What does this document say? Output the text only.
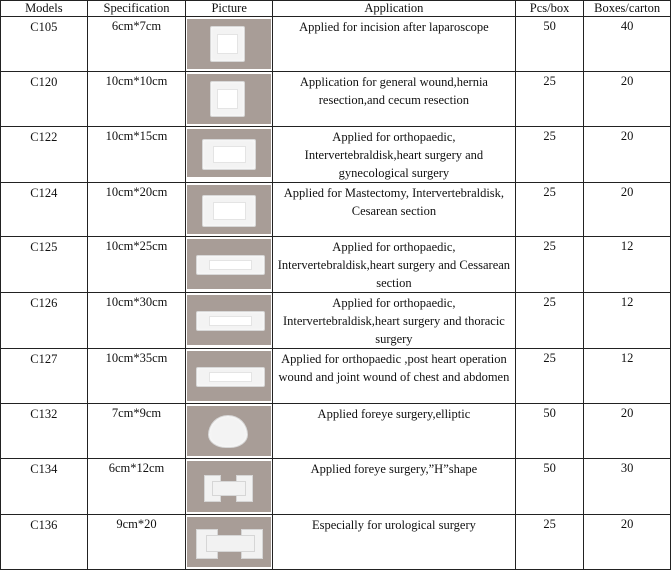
Models	Specification	Picture	Application	Pcs/box	Boxes/carton
C105	6cm*7cm		Applied for incision after laparoscope	50	40
C120	10cm*10cm		Application for general wound,hernia resection,and cecum resection	25	20
C122	10cm*15cm		Applied for orthopaedic, Intervertebraldisk,heart surgery and gynecological surgery	25	20
C124	10cm*20cm		Applied for Mastectomy, Intervertebraldisk, Cesarean section	25	20
C125	10cm*25cm		Applied for orthopaedic, Intervertebraldisk,heart surgery and Cessarean section	25	12
C126	10cm*30cm		Applied for orthopaedic, Intervertebraldisk,heart surgery and thoracic surgery	25	12
C127	10cm*35cm		Applied for orthopaedic ,post heart operation wound and joint wound of chest and abdomen	25	12
C132	7cm*9cm		Applied foreye surgery,elliptic	50	20
C134	6cm*12cm		Applied foreye surgery,”H”shape	50	30
C136	9cm*20		Especially for urological surgery	25	20
